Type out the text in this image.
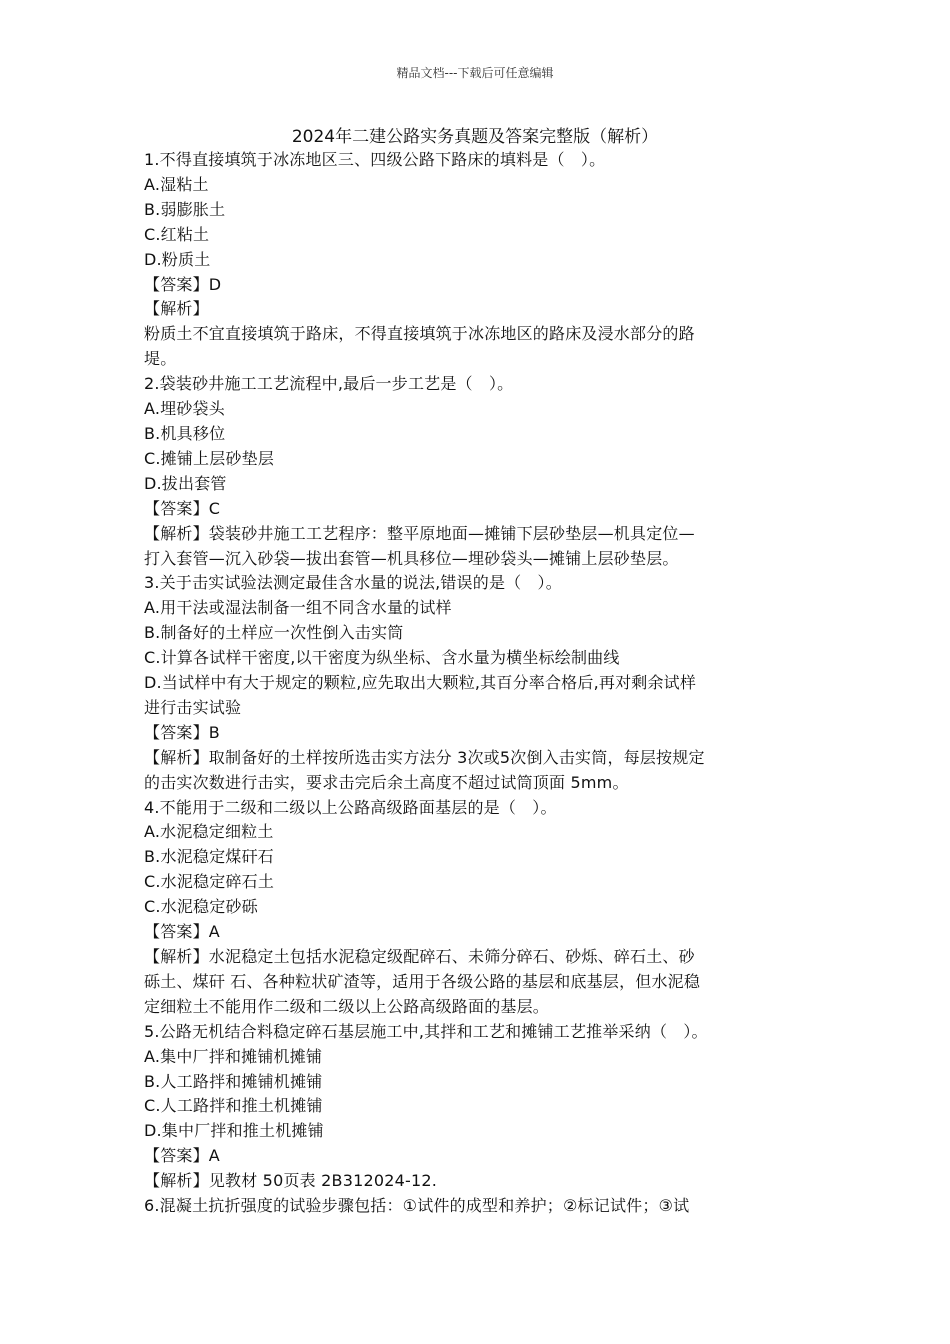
精品文档---下载后可任意编辑
2024年二建公路实务真题及答案完整版（解析）
1.不得直接填筑于冰冻地区三、四级公路下路床的填料是（　）。
A.湿粘土
B.弱膨胀土
C.红粘土
D.粉质土
【答案】D
【解析】
粉质土不宜直接填筑于路床，不得直接填筑于冰冻地区的路床及浸水部分的路
堤。
2.袋装砂井施工工艺流程中,最后一步工艺是（　）。
A.埋砂袋头
B.机具移位
C.摊铺上层砂垫层
D.拔出套管
【答案】C
【解析】袋装砂井施工工艺程序：整平原地面—摊铺下层砂垫层—机具定位—
打入套管—沉入砂袋—拔出套管—机具移位—埋砂袋头—摊铺上层砂垫层。
3.关于击实试验法测定最佳含水量的说法,错误的是（　）。
A.用干法或湿法制备一组不同含水量的试样
B.制备好的土样应一次性倒入击实筒
C.计算各试样干密度,以干密度为纵坐标、含水量为横坐标绘制曲线
D.当试样中有大于规定的颗粒,应先取出大颗粒,其百分率合格后,再对剩余试样
进行击实试验
【答案】B
【解析】取制备好的土样按所选击实方法分 3次或5次倒入击实筒，每层按规定
的击实次数进行击实，要求击完后余土高度不超过试筒顶面 5mm。
4.不能用于二级和二级以上公路高级路面基层的是（　）。
A.水泥稳定细粒土
B.水泥稳定煤矸石
C.水泥稳定碎石土
C.水泥稳定砂砾
【答案】A
【解析】水泥稳定土包括水泥稳定级配碎石、未筛分碎石、砂烁、碎石土、砂
砾土、煤矸 石、各种粒状矿渣等，适用于各级公路的基层和底基层，但水泥稳
定细粒土不能用作二级和二级以上公路高级路面的基层。
5.公路无机结合料稳定碎石基层施工中,其拌和工艺和摊铺工艺推举采纳（　）。
A.集中厂拌和摊铺机摊铺
B.人工路拌和摊铺机摊铺
C.人工路拌和推土机摊铺
D.集中厂拌和推土机摊铺
【答案】A
【解析】见教材 50页表 2B312024-12.
6.混凝土抗折强度的试验步骤包括：①试件的成型和养护；②标记试件；③试
